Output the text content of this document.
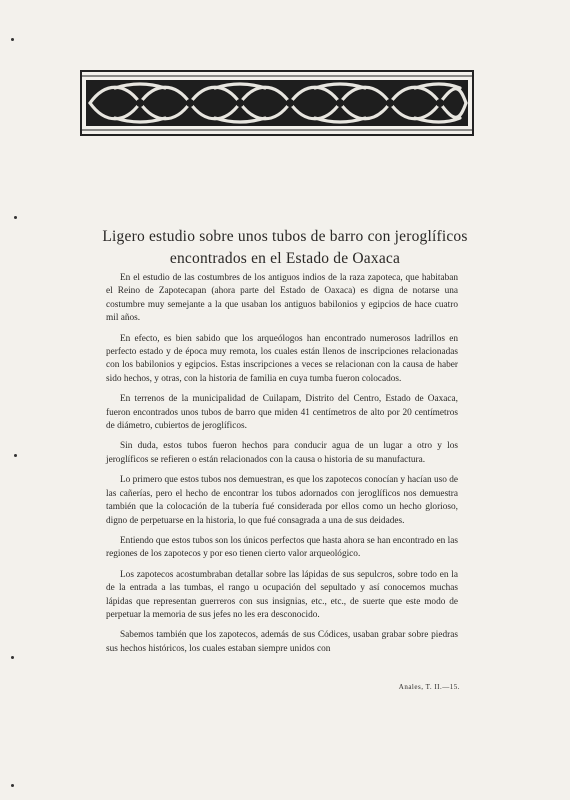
Ligero estudio sobre unos tubos de barro con jeroglíficos
encontrados en el Estado de Oaxaca

En el estudio de las costumbres de los antiguos indios de la raza zapoteca, que habitaban el Reino de Zapotecapan (ahora parte del Estado de Oaxaca) es digna de notarse una costumbre muy semejante a la que usaban los antiguos babilonios y egipcios de hace cuatro mil años.

En efecto, es bien sabido que los arqueólogos han encontrado numerosos ladrillos en perfecto estado y de época muy remota, los cuales están llenos de inscripciones relacionadas con los babilonios y egipcios. Estas inscripciones a veces se relacionan con la causa de haber sido hechos, y otras, con la historia de familia en cuya tumba fueron colocados.

En terrenos de la municipalidad de Cuilapam, Distrito del Centro, Estado de Oaxaca, fueron encontrados unos tubos de barro que miden 41 centímetros de alto por 20 centímetros de diámetro, cubiertos de jeroglíficos.

Sin duda, estos tubos fueron hechos para conducir agua de un lugar a otro y los jeroglíficos se refieren o están relacionados con la causa o historia de su manufactura.

Lo primero que estos tubos nos demuestran, es que los zapotecos conocían y hacían uso de las cañerías, pero el hecho de encontrar los tubos adornados con jeroglíficos nos demuestra también que la colocación de la tubería fué considerada por ellos como un hecho glorioso, digno de perpetuarse en la historia, lo que fué consagrada a una de sus deidades.

Entiendo que estos tubos son los únicos perfectos que hasta ahora se han encontrado en las regiones de los zapotecos y por eso tienen cierto valor arqueológico.

Los zapotecos acostumbraban detallar sobre las lápidas de sus sepulcros, sobre todo en la de la entrada a las tumbas, el rango u ocupación del sepultado y así conocemos muchas lápidas que representan guerreros con sus insignias, etc., etc., de suerte que este modo de perpetuar la memoria de sus jefes no les era desconocido.

Sabemos también que los zapotecos, además de sus Códices, usaban grabar sobre piedras sus hechos históricos, los cuales estaban siempre unidos con

Anales, T. II.—15.
